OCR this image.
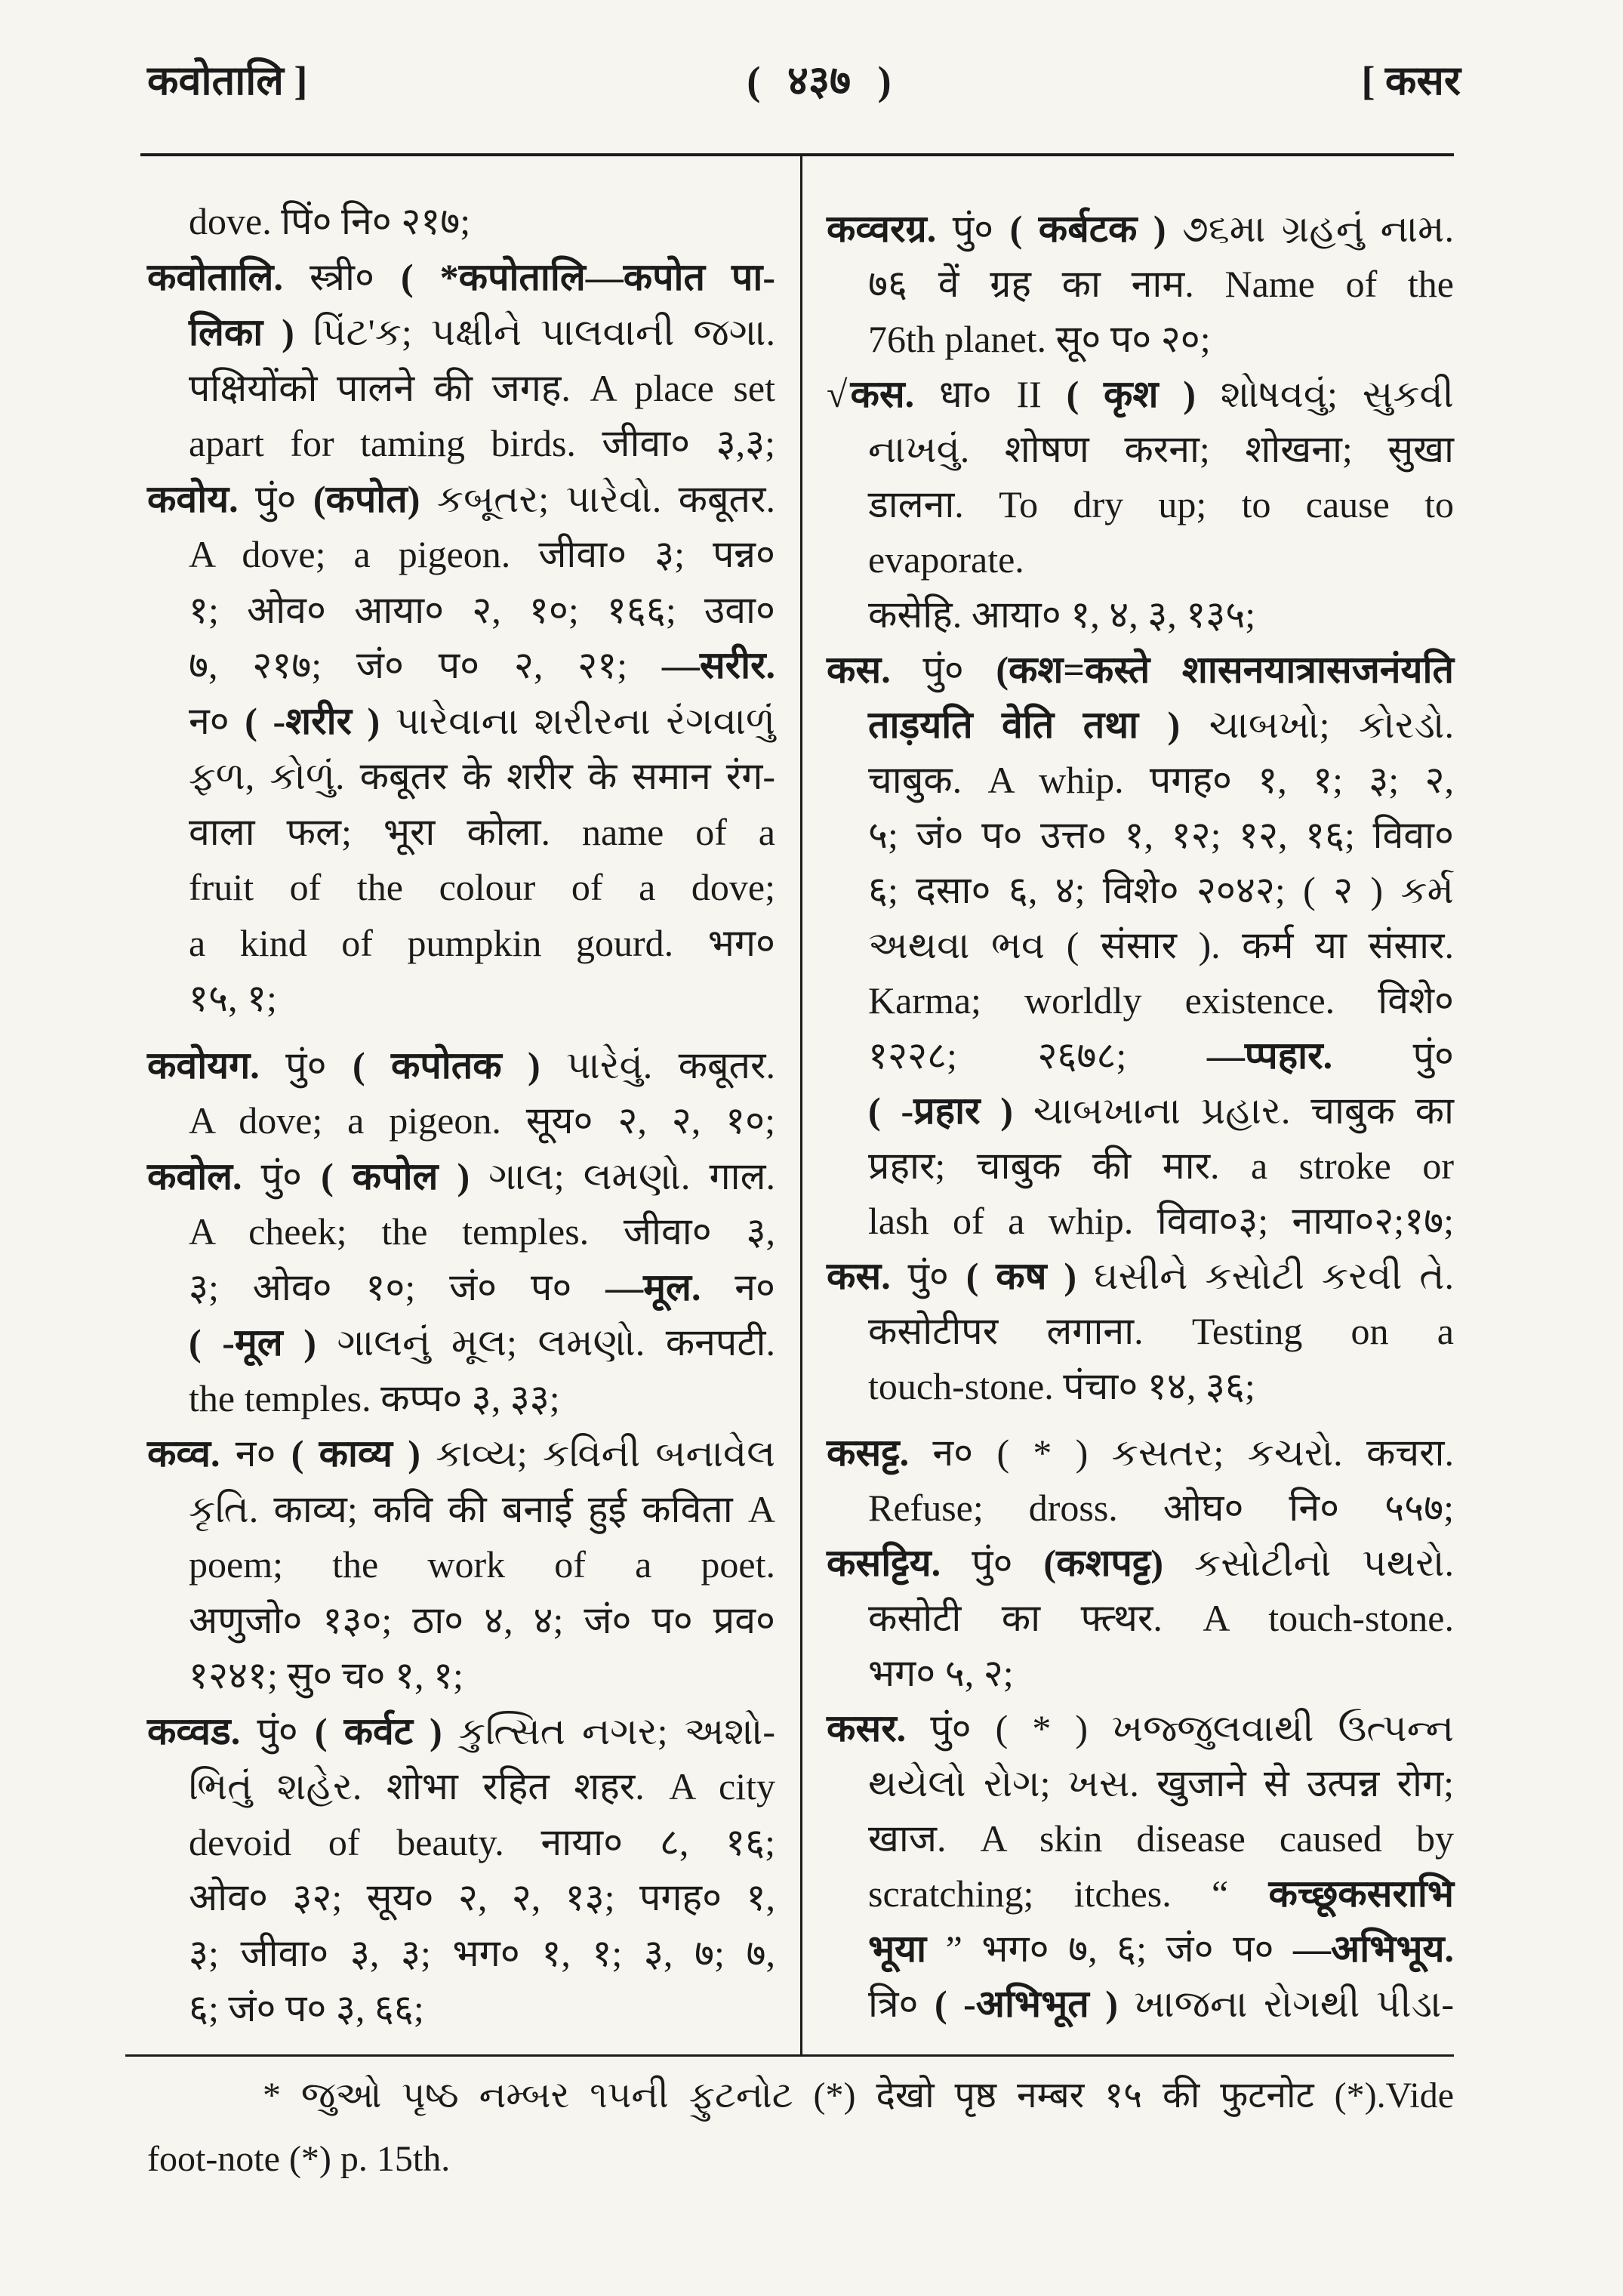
कवोतालि ]	( ४३७ )	[ कसर
dove. पिं० नि० २१७;
कवोतालि. स्त्री० ( *कपोतालि—कपोत पा-
लिका ) પિંટ'ક; પક્ષીને પાલવાની જગા.
पक्षियोंको पालने की जगह. A place set
apart for taming birds. जीवा० ३,३;
कवोय. पुं० (कपोत) કબૂતર; પારેવો. कबूतर.
A dove; a pigeon. जीवा० ३; पन्न०
१; ओव० आया० २, १०; १६६; उवा०
७, २१७; जं० प० २, २१; —सरीर.
न० ( -शरीर ) પારેવાના શરીરના રંગવાળું
ફળ, કોળું. कबूतर के शरीर के समान रंग-
वाला फल; भूरा कोला. name of a
fruit of the colour of a dove;
a kind of pumpkin gourd. भग०
१५, १;
कवोयग. पुं० ( कपोतक ) પારેવું. कबूतर.
A dove; a pigeon. सूय० २, २, १०;
कवोल. पुं० ( कपोल ) ગાલ; લમણો. गाल.
A cheek; the temples. जीवा० ३,
३; ओव० १०; जं० प० —मूल. न०
( -मूल ) ગાલનું મૂલ; લમણો. कनपटी.
the temples. कप्प० ३, ३३;
कव्व. न० ( काव्य ) કાવ્ય; કવિની બનાવેલ
કૃતિ. काव्य; कवि की बनाई हुई कविता A
poem; the work of a poet.
अणुजो० १३०; ठा० ४, ४; जं० प० प्रव०
१२४१; सु० च० १, १;
कव्वड. पुं० ( कर्वट ) કુત્સિત નગર; અશો-
ભિતું શહેર. शोभा रहित शहर. A city
devoid of beauty. नाया० ८, १६;
ओव० ३२; सूय० २, २, १३; पगह० १,
३; जीवा० ३, ३; भग० १, १; ३, ७; ७,
६; जं० प० ३, ६६;
कव्वरग्र. पुं० ( कर्बटक ) ૭૬મા ગ્રહનું નામ.
७६ वें ग्रह का नाम. Name of the
76th planet. सू० प० २०;
√कस. धा० II ( कृश ) શોષવવું; સુકવી
નાખવું. शोषण करना; शोखना; सुखा
डालना. To dry up; to cause to
evaporate.
कसेहि. आया० १, ४, ३, १३५;
कस. पुं० (कश=कस्ते शासनयात्रासजनंयति
ताड़यति वेति तथा ) ચાબખો; કોરડો.
चाबुक. A whip. पगह० १, १; ३; २,
५; जं० प० उत्त० १, १२; १२, १६; विवा०
६; दसा० ६, ४; विशे० २०४२; ( २ ) કર્મ
અથવા ભવ ( संसार ). कर्म या संसार.
Karma; worldly existence. विशे०
१२२८; २६७८; —प्पहार. पुं०
( -प्रहार ) ચાબખાના પ્રહાર. चाबुक का
प्रहार; चाबुक की मार. a stroke or
lash of a whip. विवा०३; नाया०२;१७;
कस. पुं० ( कष ) ઘસીને કસોટી કરવી તે.
कसोटीपर लगाना. Testing on a
touch-stone. पंचा० १४, ३६;
कसट्ट. न० ( * ) કસતર; કચરો. कचरा.
Refuse; dross. ओघ० नि० ५५७;
कसट्टिय. पुं० (कशपट्ट) કસોટીનો પથરો.
कसोटी का फ्त्थर. A touch-stone.
भग० ५, २;
कसर. पुं० ( * ) ખજ્જુલવાથી ઉત્પન્ન
થયેલો રોગ; ખસ. खुजाने से उत्पन्न रोग;
खाज. A skin disease caused by
scratching; itches. “ कच्छूकसराभि
भूया ” भग० ७, ६; जं० प० —अभिभूय.
त्रि० ( -अभिभूत ) ખાજના રોગથી પીડા-
* જુઓ પૃષ્ઠ નમ્બર ૧૫ની ફુટનોટ (*) देखो पृष्ठ नम्बर १५ की फुटनोट (*).Vide
foot-note (*) p. 15th.
